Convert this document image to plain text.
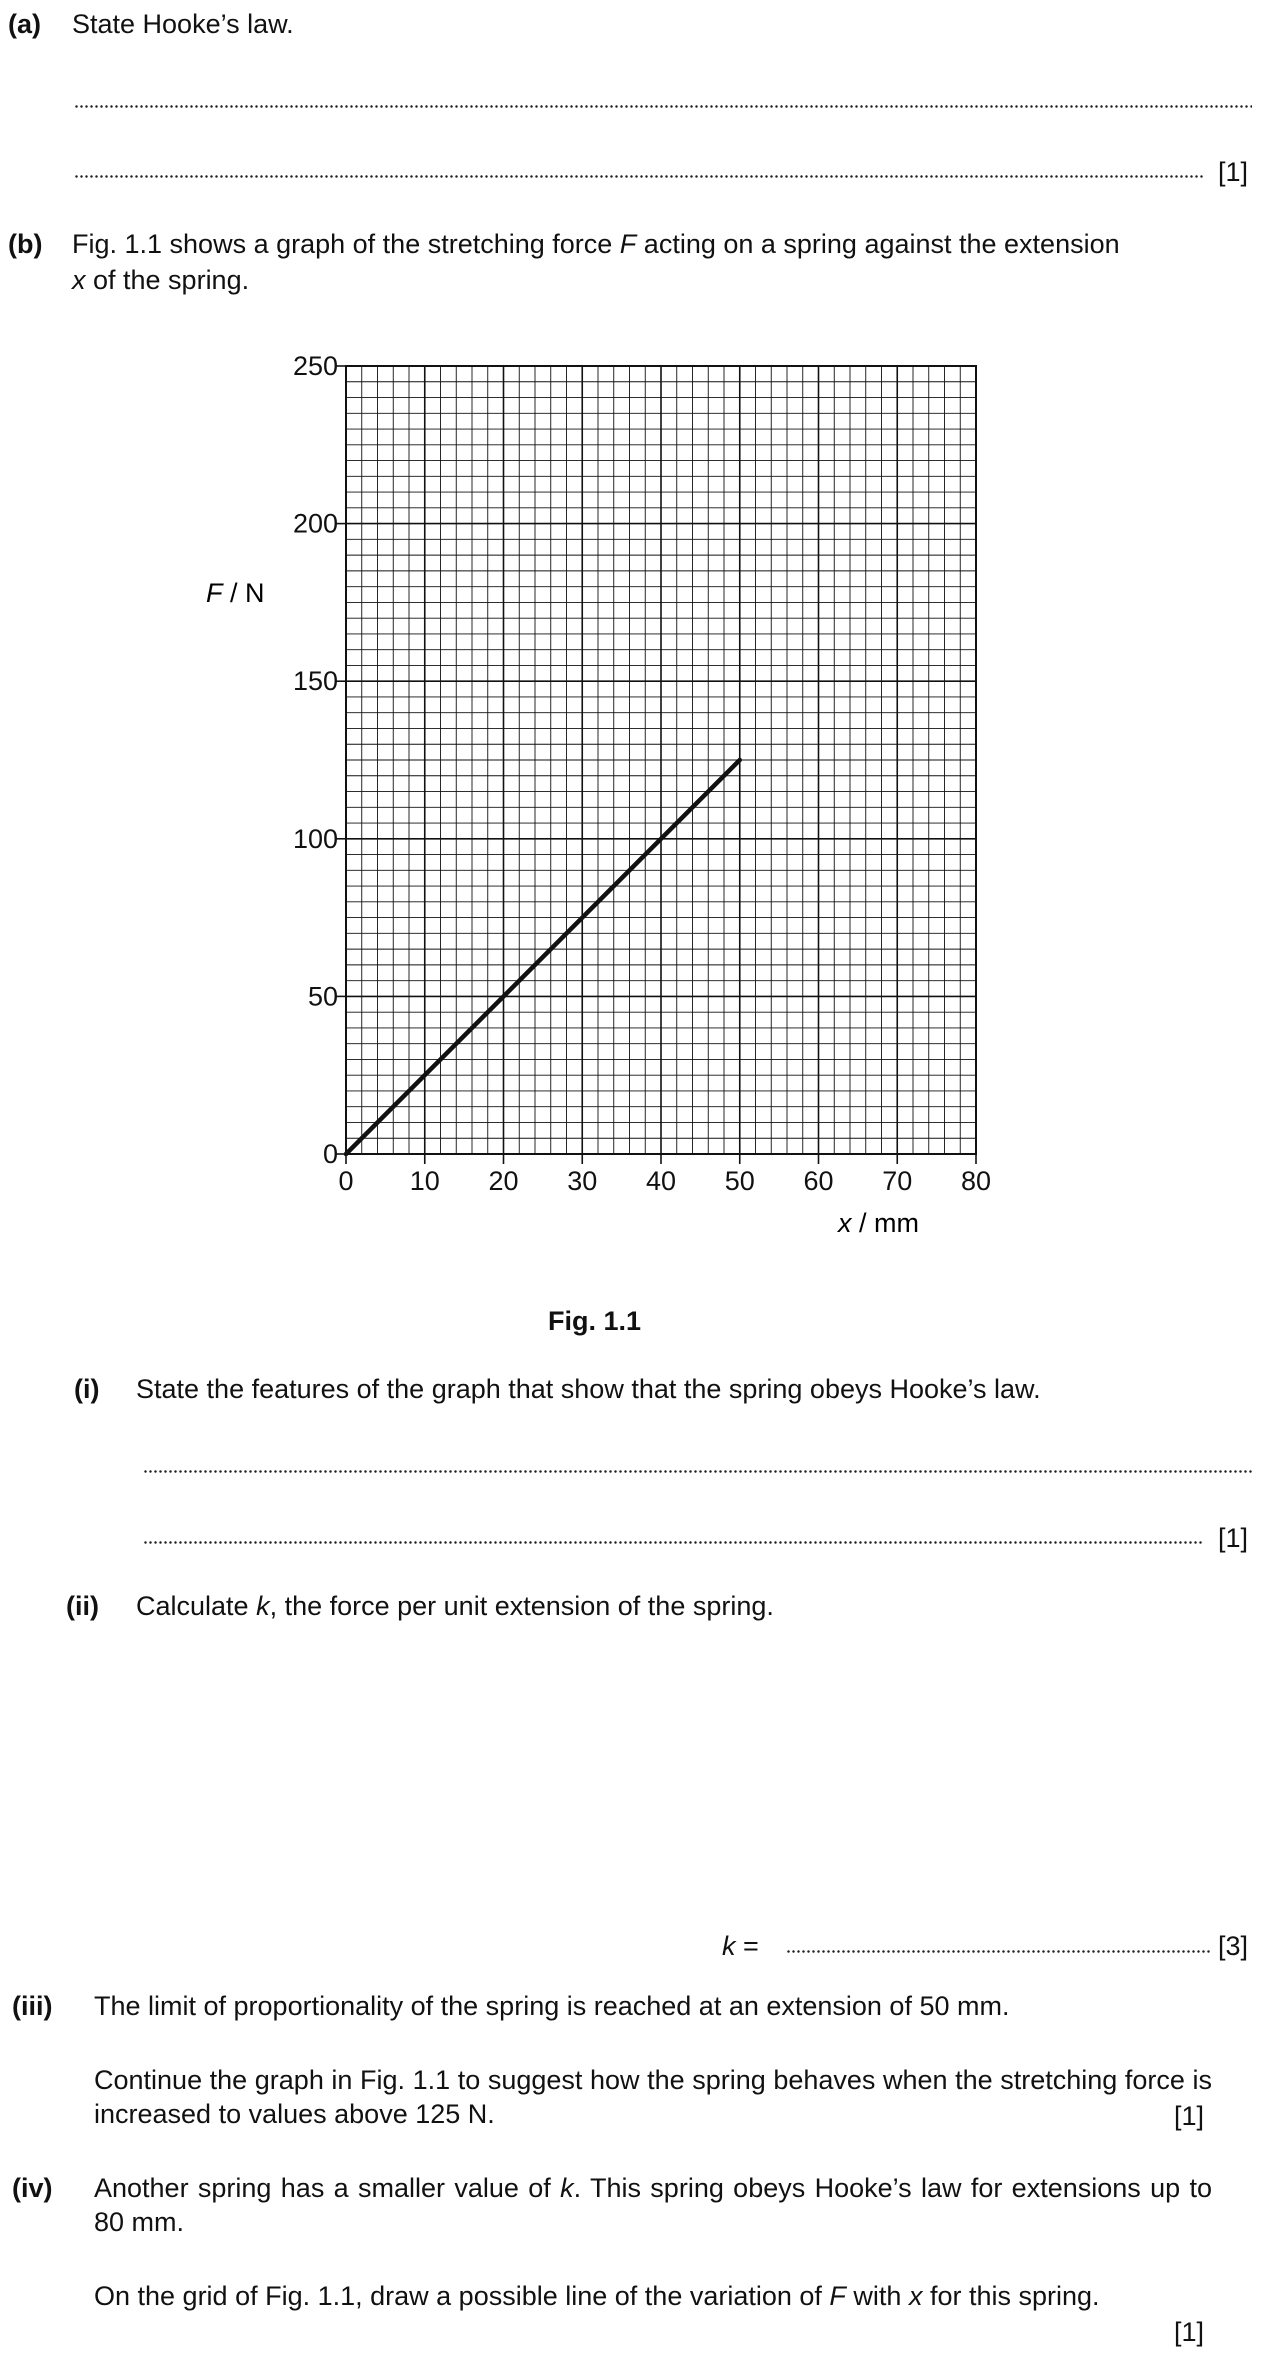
(a) State Hooke’s law.
[1]
(b) Fig. 1.1 shows a graph of the stretching force F acting on a spring against the extension
x of the spring.
0 10 20 30 40 50 60 70 80
0
50
100
150
200
250
F / N
x / mm
Fig. 1.1
(i) State the features of the graph that show that the spring obeys Hooke’s law.
[1]
(ii) Calculate k, the force per unit extension of the spring.
k =	[3]
(iii) The limit of proportionality of the spring is reached at an extension of 50 mm.
Continue the graph in Fig. 1.1 to suggest how the spring behaves when the stretching force is increased to values above 125 N.	[1]
(iv) Another spring has a smaller value of k. This spring obeys Hooke’s law for extensions up to 80 mm.
On the grid of Fig. 1.1, draw a possible line of the variation of F with x for this spring.
[1]
